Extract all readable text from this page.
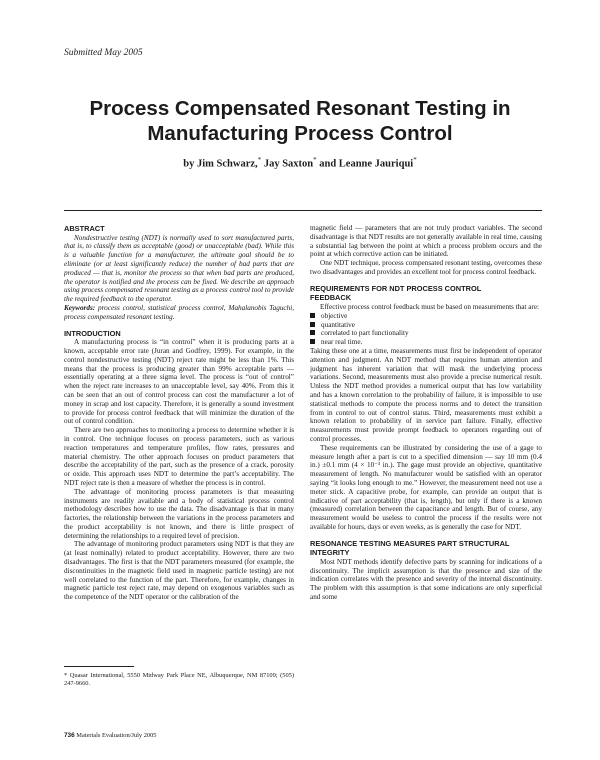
Submitted May 2005
Process Compensated Resonant Testing in
Manufacturing Process Control
by Jim Schwarz,* Jay Saxton* and Leanne Jauriqui*
ABSTRACT

Nondestructive testing (NDT) is normally used to sort manufactured parts, that is, to classify them as acceptable (good) or unacceptable (bad). While this is a valuable function for a manufacturer, the ultimate goal should be to eliminate (or at least significantly reduce) the number of bad parts that are produced — that is, monitor the process so that when bad parts are produced, the operator is notified and the process can be fixed. We describe an approach using process compensated resonant testing as a process control tool to provide the required feedback to the operator.

Keywords: process control, statistical process control, Mahalanobis Taguchi, process compensated resonant testing.

INTRODUCTION

A manufacturing process is “in control” when it is producing parts at a known, acceptable error rate (Juran and Godfrey, 1999). For example, in the control nondestructive testing (NDT) reject rate might be less than 1%. This means that the process is producing greater than 99% acceptable parts — essentially operating at a three sigma level. The process is “out of control” when the reject rate increases to an unacceptable level, say 40%. From this it can be seen that an out of control process can cost the manufacturer a lot of money in scrap and lost capacity. Therefore, it is generally a sound investment to provide for process control feedback that will minimize the duration of the out of control condition.

There are two approaches to monitoring a process to determine whether it is in control. One technique focuses on process parameters, such as various reaction temperatures and temperature profiles, flow rates, pressures and material chemistry. The other approach focuses on product parameters that describe the acceptability of the part, such as the presence of a crack, porosity or oxide. This approach uses NDT to determine the part’s acceptability. The NDT reject rate is then a measure of whether the process is in control.

The advantage of monitoring process parameters is that measuring instruments are readily available and a body of statistical process control methodology describes how to use the data. The disadvantage is that in many factories, the relationship between the variations in the process parameters and the product acceptability is not known, and there is little prospect of determining the relationships to a required level of precision.

The advantage of monitoring product parameters using NDT is that they are (at least nominally) related to product acceptability. However, there are two disadvantages. The first is that the NDT parameters measured (for example, the discontinuities in the magnetic field used in magnetic particle testing) are not well correlated to the function of the part. Therefore, for example, changes in magnetic particle test reject rate, may depend on exogenous variables such as the competence of the NDT operator or the calibration of the

* Quasar International, 5550 Midway Park Place NE, Albuquerque, NM 87109; (505) 247-9660.

magnetic field — parameters that are not truly product variables. The second disadvantage is that NDT results are not generally available in real time, causing a substantial lag between the point at which a process problem occurs and the point at which corrective action can be initiated.

One NDT technique, process compensated resonant testing, overcomes these two disadvantages and provides an excellent tool for process control feedback.

REQUIREMENTS FOR NDT PROCESS CONTROL
FEEDBACK

Effective process control feedback must be based on measurements that are:

objective

quantitative

correlated to part functionality

near real time.

Taking these one at a time, measurements must first be independent of operator attention and judgment. An NDT method that requires human attention and judgment has inherent variation that will mask the underlying process variations. Second, measurements must also provide a precise numerical result. Unless the NDT method provides a numerical output that has low variability and has a known correlation to the probability of failure, it is impossible to use statistical methods to compute the process norms and to detect the transition from in control to out of control status. Third, measurements must exhibit a known relation to probability of in service part failure. Finally, effective measurements must provide prompt feedback to operators regarding out of control processes.

These requirements can be illustrated by considering the use of a gage to measure length after a part is cut to a specified dimension — say 10 mm (0.4 in.) ±0.1 mm (4 × 10⁻³ in.). The gage must provide an objective, quantitative measurement of length. No manufacturer would be satisfied with an operator saying “it looks long enough to me.” However, the measurement need not use a meter stick. A capacitive probe, for example, can provide an output that is indicative of part acceptability (that is, length), but only if there is a known (measured) correlation between the capacitance and length. But of course, any measurement would be useless to control the process if the results were not available for hours, days or even weeks, as is generally the case for NDT.

RESONANCE TESTING MEASURES PART STRUCTURAL
INTEGRITY

Most NDT methods identify defective parts by scanning for indications of a discontinuity. The implicit assumption is that the presence and size of the indication correlates with the presence and severity of the internal discontinuity. The problem with this assumption is that some indications are only superficial and some

736 Materials Evaluation/July 2005
